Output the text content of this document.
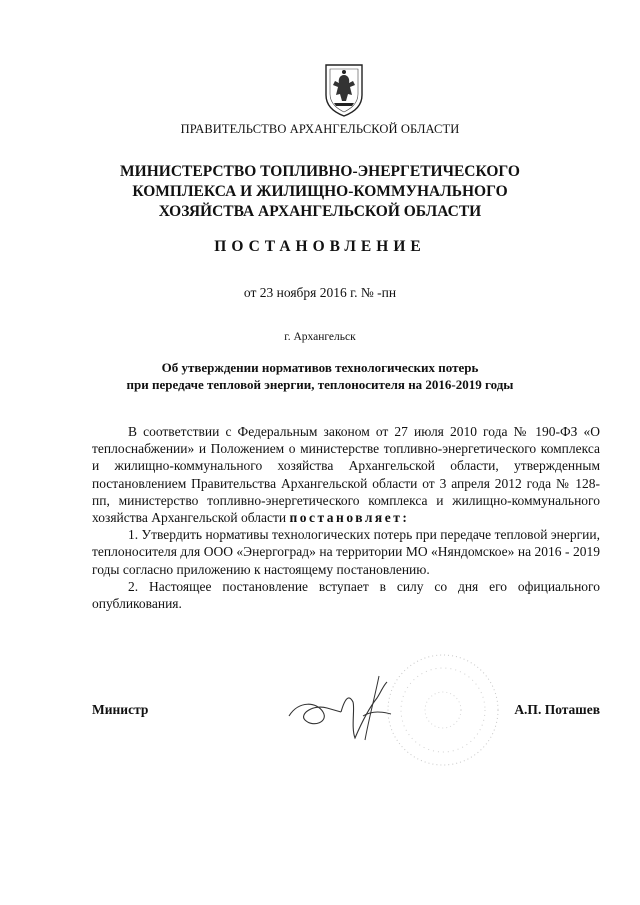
ПРАВИТЕЛЬСТВО АРХАНГЕЛЬСКОЙ ОБЛАСТИ
МИНИСТЕРСТВО ТОПЛИВНО-ЭНЕРГЕТИЧЕСКОГО
КОМПЛЕКСА И ЖИЛИЩНО-КОММУНАЛЬНОГО
ХОЗЯЙСТВА АРХАНГЕЛЬСКОЙ ОБЛАСТИ
ПОСТАНОВЛЕНИЕ
от 23 ноября 2016 г. № -пн
г. Архангельск
Об утверждении нормативов технологических потерь
при передаче тепловой энергии, теплоносителя на 2016-2019 годы

В соответствии с Федеральным законом от 27 июля 2010 года № 190-ФЗ «О теплоснабжении» и Положением о министерстве топливно-энергетического комплекса и жилищно-коммунального хозяйства Архангельской области, утвержденным постановлением Правительства Архангельской области от 3 апреля 2012 года № 128-пп, министерство топливно-энергетического комплекса и жилищно-коммунального хозяйства Архангельской области постановляет:

1. Утвердить нормативы технологических потерь при передаче тепловой энергии, теплоносителя для ООО «Энергоград» на территории МО «Няндомское» на 2016 - 2019 годы согласно приложению к настоящему постановлению.

2. Настоящее постановление вступает в силу со дня его официального опубликования.

Министр	А.П. Поташев
